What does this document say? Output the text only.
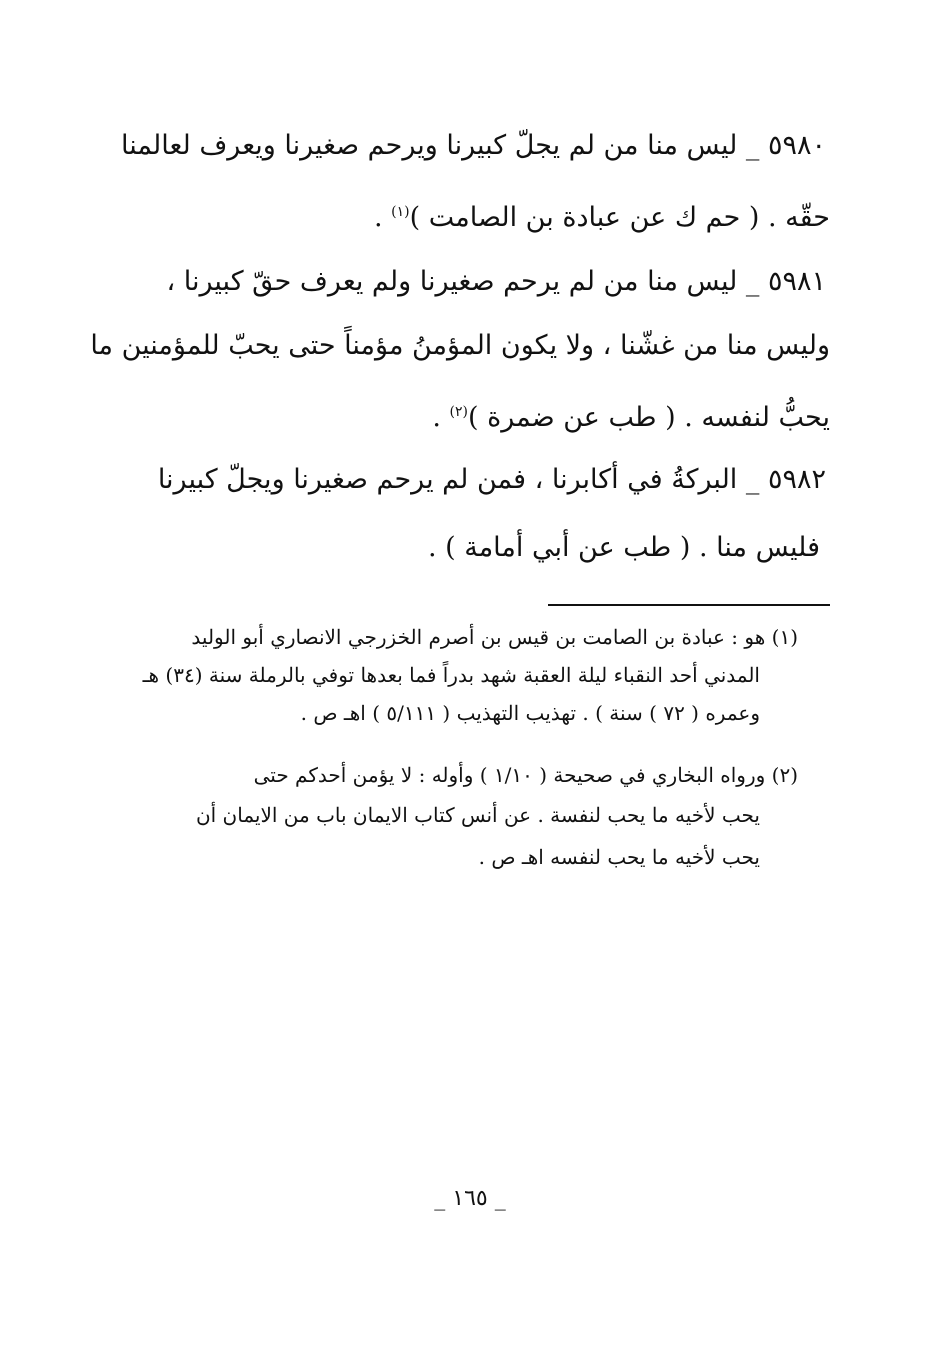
٥٩٨٠ _ ليس منا من لم يجلّ كبيرنا ويرحم صغيرنا ويعرف لعالمنا
حقّه . ( حم ك عن عبادة بن الصامت )$^{(١)}$ .
٥٩٨١ _ ليس منا من لم يرحم صغيرنا ولم يعرف حقّ كبيرنا ،
وليس منا من غشّنا ، ولا يكون المؤمنُ مؤمناً حتى يحبّ للمؤمنين ما
يحبُّ لنفسه . ( طب عن ضمرة )$^{(٢)}$ .
٥٩٨٢ _ البركةُ في أكابرنا ، فمن لم يرحم صغيرنا ويجلّ كبيرنا
فليس منا . ( طب عن أبي أمامة ) .
(١) هو : عبادة بن الصامت بن قيس بن أصرم الخزرجي الانصاري أبو الوليد
المدني أحد النقباء ليلة العقبة شهد بدراً فما بعدها توفي بالرملة سنة (٣٤) هـ
وعمره ( ٧٢ ) سنة ) . تهذيب التهذيب ( ٥/١١١ ) اهـ ص .
(٢) ورواه البخاري في صحيحة ( ١/١٠ ) وأوله : لا يؤمن أحدكم حتى
يحب لأخيه ما يحب لنفسة . عن أنس كتاب الايمان باب من الايمان أن
يحب لأخيه ما يحب لنفسه اهـ ص .
_ ١٦٥ _
